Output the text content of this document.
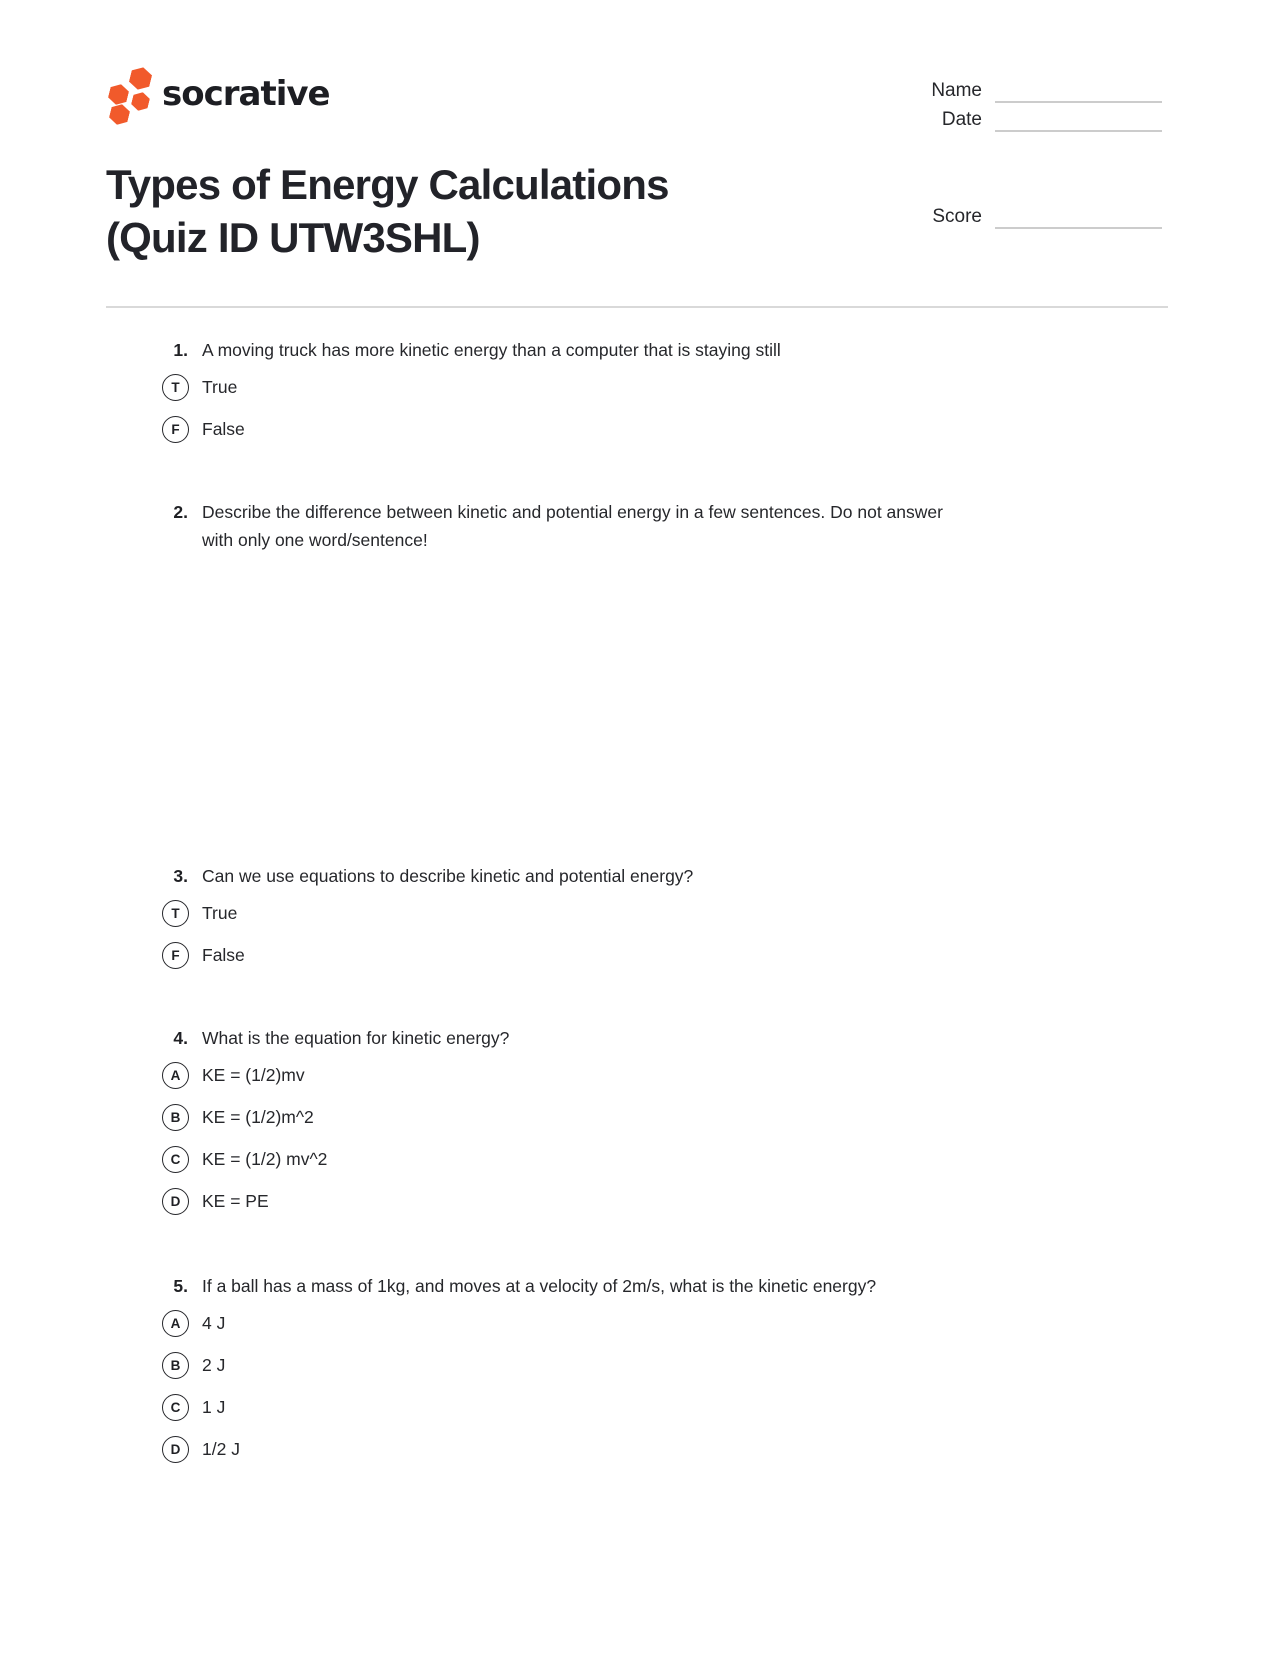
socrative	Name
Date
Score
Types of Energy Calculations
(Quiz ID UTW3SHL)
1. A moving truck has more kinetic energy than a computer that is staying still
T	True
F	False
2. Describe the difference between kinetic and potential energy in a few sentences. Do not answer with only one word/sentence!
3. Can we use equations to describe kinetic and potential energy?
T	True
F	False
4. What is the equation for kinetic energy?
A	KE = (1/2)mv
B	KE = (1/2)m^2
C	KE = (1/2) mv^2
D	KE = PE
5. If a ball has a mass of 1kg, and moves at a velocity of 2m/s, what is the kinetic energy?
A	4 J
B	2 J
C	1 J
D	1/2 J
